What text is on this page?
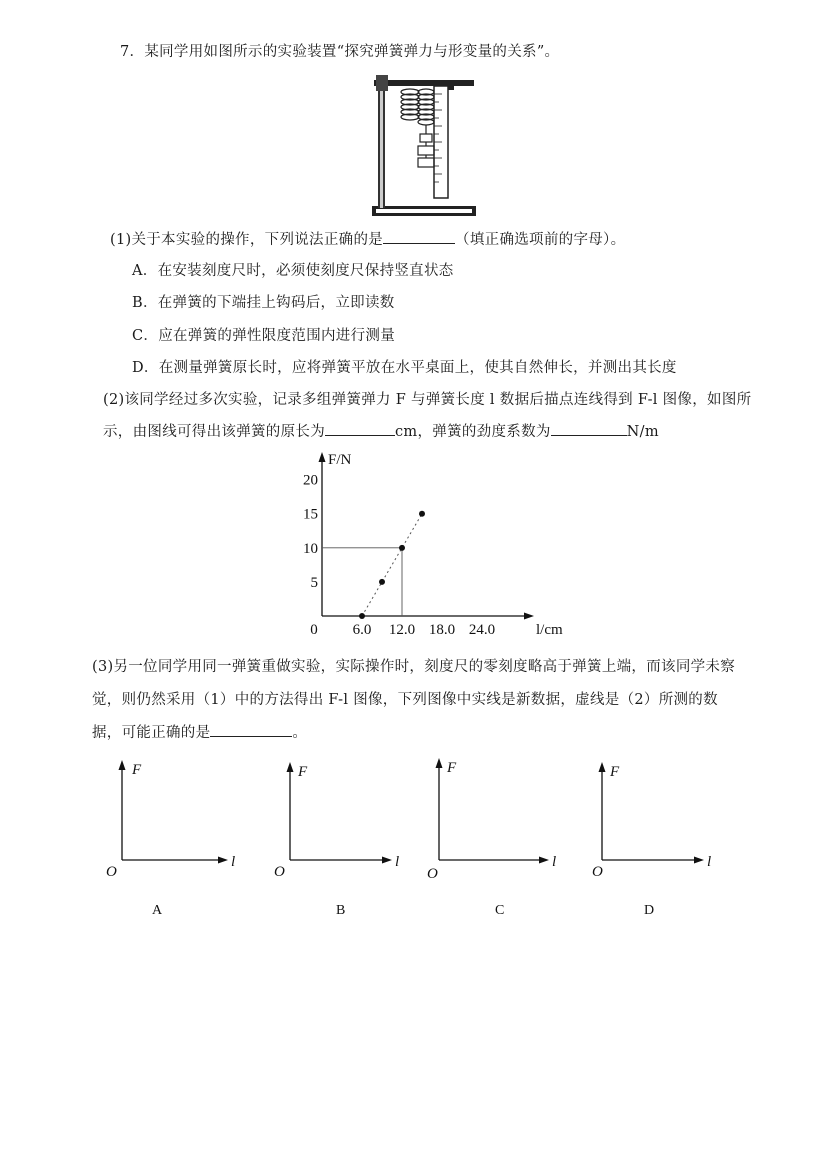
7．某同学用如图所示的实验装置“探究弹簧弹力与形变量的关系”。
(1)关于本实验的操作，下列说法正确的是	（填正确选项前的字母）。
A．在安装刻度尺时，必须使刻度尺保持竖直状态
B．在弹簧的下端挂上钩码后，立即读数
C．应在弹簧的弹性限度范围内进行测量
D．在测量弹簧原长时，应将弹簧平放在水平桌面上，使其自然伸长，并测出其长度
(2)该同学经过多次实验，记录多组弹簧弹力 F 与弹簧长度 l 数据后描点连线得到 F-l 图像，如图所
示，由图线可得出该弹簧的原长为	cm，弹簧的劲度系数为	N/m
F/N
l/cm
0
5
10
15
20
6.0 12.0 18.0 24.0
(3)另一位同学用同一弹簧重做实验，实际操作时，刻度尺的零刻度略高于弹簧上端，而该同学未察
觉，则仍然采用（1）中的方法得出 F-l 图像，下列图像中实线是新数据，虚线是（2）所测的数
据，可能正确的是	。
F
l
O
A
F
l
O
B
F
l
O
C
F
l
O
D
